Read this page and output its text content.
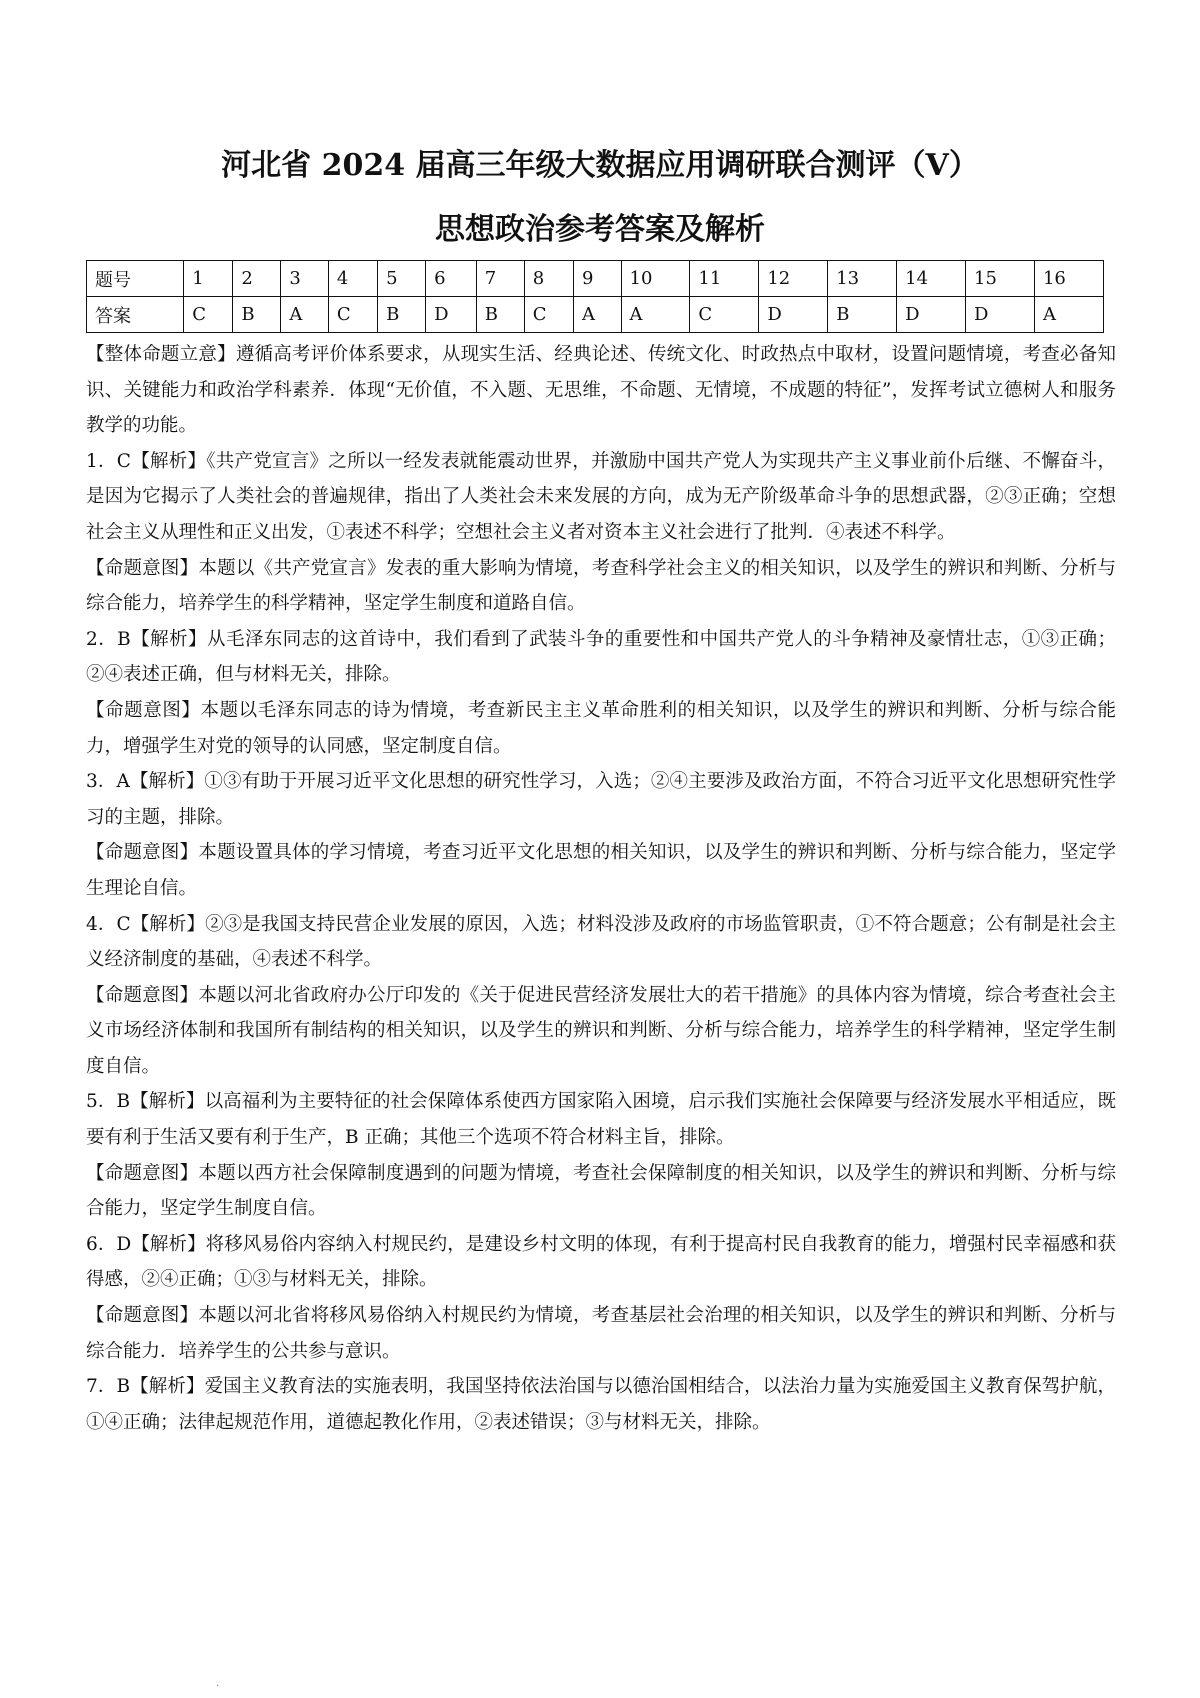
河北省 2024 届高三年级大数据应用调研联合测评（Ⅴ）
思想政治参考答案及解析
题号	1	2	3	4	5	6	7	8	9	10	11	12	13	14	15	16
答案	C	B	A	C	B	D	B	C	A	A	C	D	B	D	D	A

【整体命题立意】遵循高考评价体系要求，从现实生活、经典论述、传统文化、时政热点中取材，设置问题情境，考查必备知识、关键能力和政治学科素养．体现“无价值，不入题、无思维，不命题、无情境，不成题的特征”，发挥考试立德树人和服务教学的功能。

1．C【解析】《共产党宣言》之所以一经发表就能震动世界，并激励中国共产党人为实现共产主义事业前仆后继、不懈奋斗，是因为它揭示了人类社会的普遍规律，指出了人类社会未来发展的方向，成为无产阶级革命斗争的思想武器，②③正确；空想社会主义从理性和正义出发，①表述不科学；空想社会主义者对资本主义社会进行了批判．④表述不科学。

【命题意图】本题以《共产党宣言》发表的重大影响为情境，考查科学社会主义的相关知识，以及学生的辨识和判断、分析与综合能力，培养学生的科学精神，坚定学生制度和道路自信。

2．B【解析】从毛泽东同志的这首诗中，我们看到了武装斗争的重要性和中国共产党人的斗争精神及豪情壮志，①③正确；②④表述正确，但与材料无关，排除。

【命题意图】本题以毛泽东同志的诗为情境，考查新民主主义革命胜利的相关知识，以及学生的辨识和判断、分析与综合能力，增强学生对党的领导的认同感，坚定制度自信。

3．A【解析】①③有助于开展习近平文化思想的研究性学习，入选；②④主要涉及政治方面，不符合习近平文化思想研究性学习的主题，排除。

【命题意图】本题设置具体的学习情境，考查习近平文化思想的相关知识，以及学生的辨识和判断、分析与综合能力，坚定学生理论自信。

4．C【解析】②③是我国支持民营企业发展的原因，入选；材料没涉及政府的市场监管职责，①不符合题意；公有制是社会主义经济制度的基础，④表述不科学。

【命题意图】本题以河北省政府办公厅印发的《关于促进民营经济发展壮大的若干措施》的具体内容为情境，综合考查社会主义市场经济体制和我国所有制结构的相关知识，以及学生的辨识和判断、分析与综合能力，培养学生的科学精神，坚定学生制度自信。

5．B【解析】以高福利为主要特征的社会保障体系使西方国家陷入困境，启示我们实施社会保障要与经济发展水平相适应，既要有利于生活又要有利于生产，B 正确；其他三个选项不符合材料主旨，排除。

【命题意图】本题以西方社会保障制度遇到的问题为情境，考查社会保障制度的相关知识，以及学生的辨识和判断、分析与综合能力，坚定学生制度自信。

6．D【解析】将移风易俗内容纳入村规民约，是建设乡村文明的体现，有利于提高村民自我教育的能力，增强村民幸福感和获得感，②④正确；①③与材料无关，排除。

【命题意图】本题以河北省将移风易俗纳入村规民约为情境，考查基层社会治理的相关知识，以及学生的辨识和判断、分析与综合能力．培养学生的公共参与意识。

7．B【解析】爱国主义教育法的实施表明，我国坚持依法治国与以德治国相结合，以法治力量为实施爱国主义教育保驾护航，①④正确；法律起规范作用，道德起教化作用，②表述错误；③与材料无关，排除。

.
